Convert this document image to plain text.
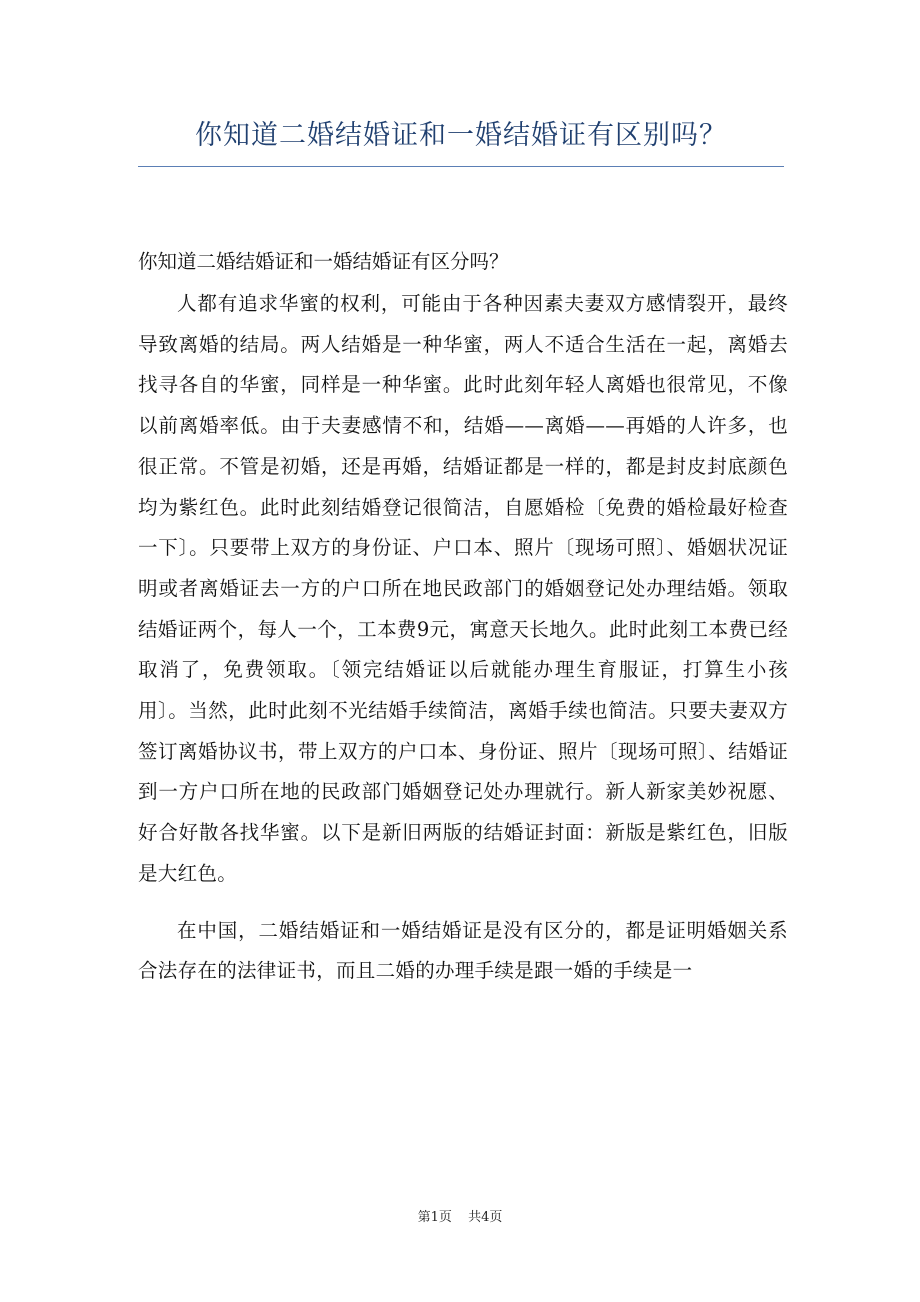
你知道二婚结婚证和一婚结婚证有区别吗？

你知道二婚结婚证和一婚结婚证有区分吗？

人都有追求华蜜的权利，可能由于各种因素夫妻双方感情裂开，最终导致离婚的结局。两人结婚是一种华蜜，两人不适合生活在一起，离婚去找寻各自的华蜜，同样是一种华蜜。此时此刻年轻人离婚也很常见，不像以前离婚率低。由于夫妻感情不和，结婚——离婚——再婚的人许多，也很正常。不管是初婚，还是再婚，结婚证都是一样的，都是封皮封底颜色均为紫红色。此时此刻结婚登记很简洁，自愿婚检〔免费的婚检最好检查一下〕。只要带上双方的身份证、户口本、照片〔现场可照〕、婚姻状况证明或者离婚证去一方的户口所在地民政部门的婚姻登记处办理结婚。领取结婚证两个，每人一个，工本费9元，寓意天长地久。此时此刻工本费已经取消了，免费领取。〔领完结婚证以后就能办理生育服证，打算生小孩用〕。当然，此时此刻不光结婚手续简洁，离婚手续也简洁。只要夫妻双方签订离婚协议书，带上双方的户口本、身份证、照片〔现场可照〕、结婚证到一方户口所在地的民政部门婚姻登记处办理就行。新人新家美妙祝愿、好合好散各找华蜜。以下是新旧两版的结婚证封面：新版是紫红色，旧版是大红色。

在中国，二婚结婚证和一婚结婚证是没有区分的，都是证明婚姻关系合法存在的法律证书，而且二婚的办理手续是跟一婚的手续是一

第1页 共4页
